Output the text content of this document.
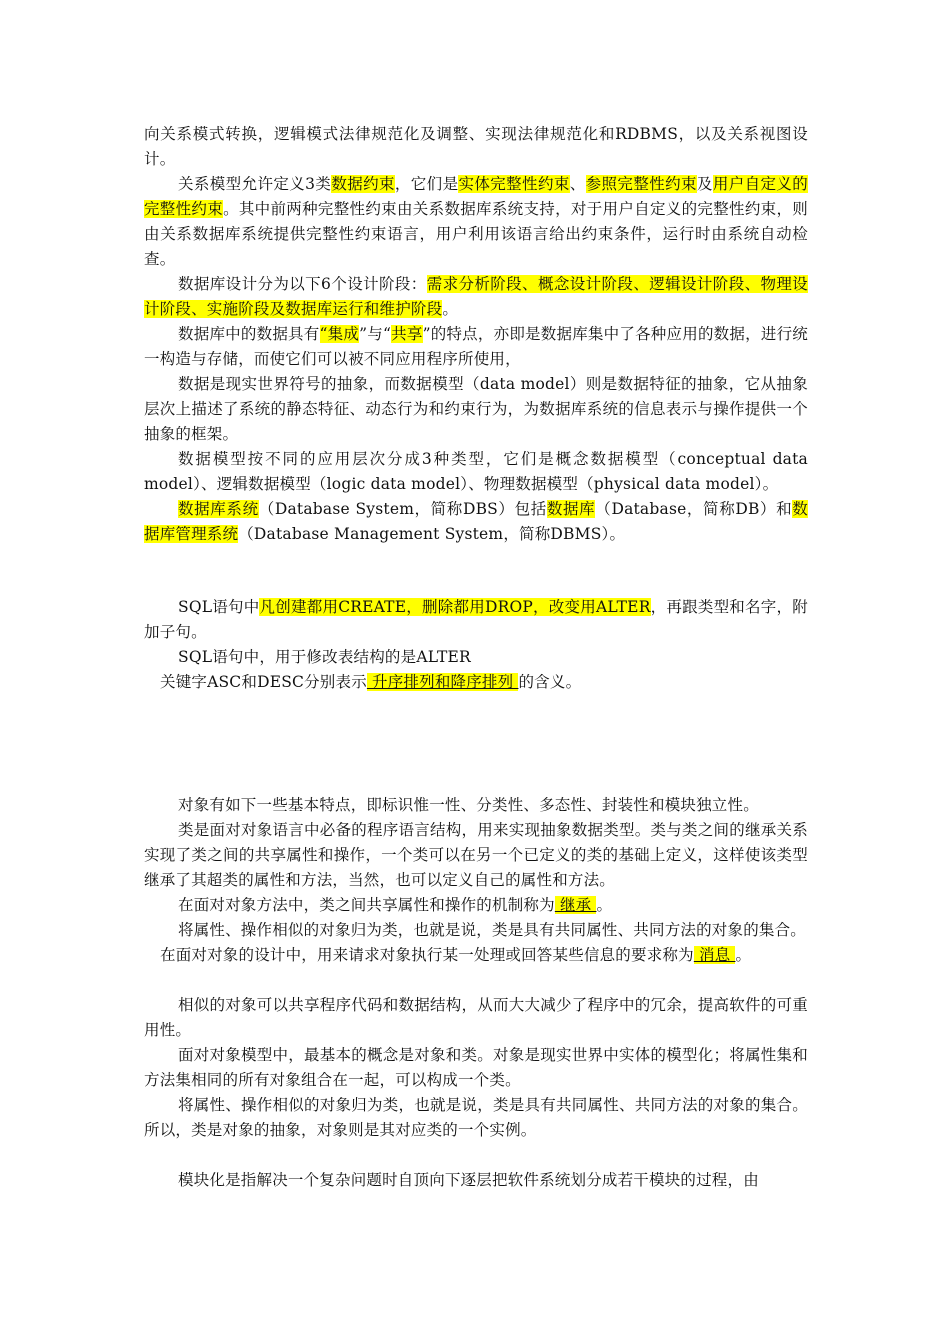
向关系模式转换，逻辑模式法律规范化及调整、实现法律规范化和RDBMS，以及关系视图设计。

关系模型允许定义3类数据约束，它们是实体完整性约束、参照完整性约束及用户自定义的完整性约束。其中前两种完整性约束由关系数据库系统支持，对于用户自定义的完整性约束，则由关系数据库系统提供完整性约束语言，用户利用该语言给出约束条件，运行时由系统自动检查。

数据库设计分为以下6个设计阶段：需求分析阶段、概念设计阶段、逻辑设计阶段、物理设计阶段、实施阶段及数据库运行和维护阶段。

数据库中的数据具有“集成”与“共享”的特点，亦即是数据库集中了各种应用的数据，进行统一构造与存储，而使它们可以被不同应用程序所使用，

数据是现实世界符号的抽象，而数据模型（data model）则是数据特征的抽象，它从抽象层次上描述了系统的静态特征、动态行为和约束行为，为数据库系统的信息表示与操作提供一个抽象的框架。

数据模型按不同的应用层次分成3种类型，它们是概念数据模型（conceptual data model）、逻辑数据模型（logic data model）、物理数据模型（physical data model）。

数据库系统（Database System，简称DBS）包括数据库（Database，简称DB）和数据库管理系统（Database Management System，简称DBMS）。

SQL语句中凡创建都用CREATE，删除都用DROP，改变用ALTER，再跟类型和名字，附加子句。

SQL语句中，用于修改表结构的是ALTER

关键字ASC和DESC分别表示 升序排列和降序排列 的含义。

对象有如下一些基本特点，即标识惟一性、分类性、多态性、封装性和模块独立性。

类是面对对象语言中必备的程序语言结构，用来实现抽象数据类型。类与类之间的继承关系实现了类之间的共享属性和操作，一个类可以在另一个已定义的类的基础上定义，这样使该类型继承了其超类的属性和方法，当然，也可以定义自己的属性和方法。

在面对对象方法中，类之间共享属性和操作的机制称为 继承 。

将属性、操作相似的对象归为类，也就是说，类是具有共同属性、共同方法的对象的集合。

在面对对象的设计中，用来请求对象执行某一处理或回答某些信息的要求称为 消息 。

相似的对象可以共享程序代码和数据结构，从而大大减少了程序中的冗余，提高软件的可重用性。

面对对象模型中，最基本的概念是对象和类。对象是现实世界中实体的模型化；将属性集和方法集相同的所有对象组合在一起，可以构成一个类。

将属性、操作相似的对象归为类，也就是说，类是具有共同属性、共同方法的对象的集合。所以，类是对象的抽象，对象则是其对应类的一个实例。

模块化是指解决一个复杂问题时自顶向下逐层把软件系统划分成若干模块的过程，由
